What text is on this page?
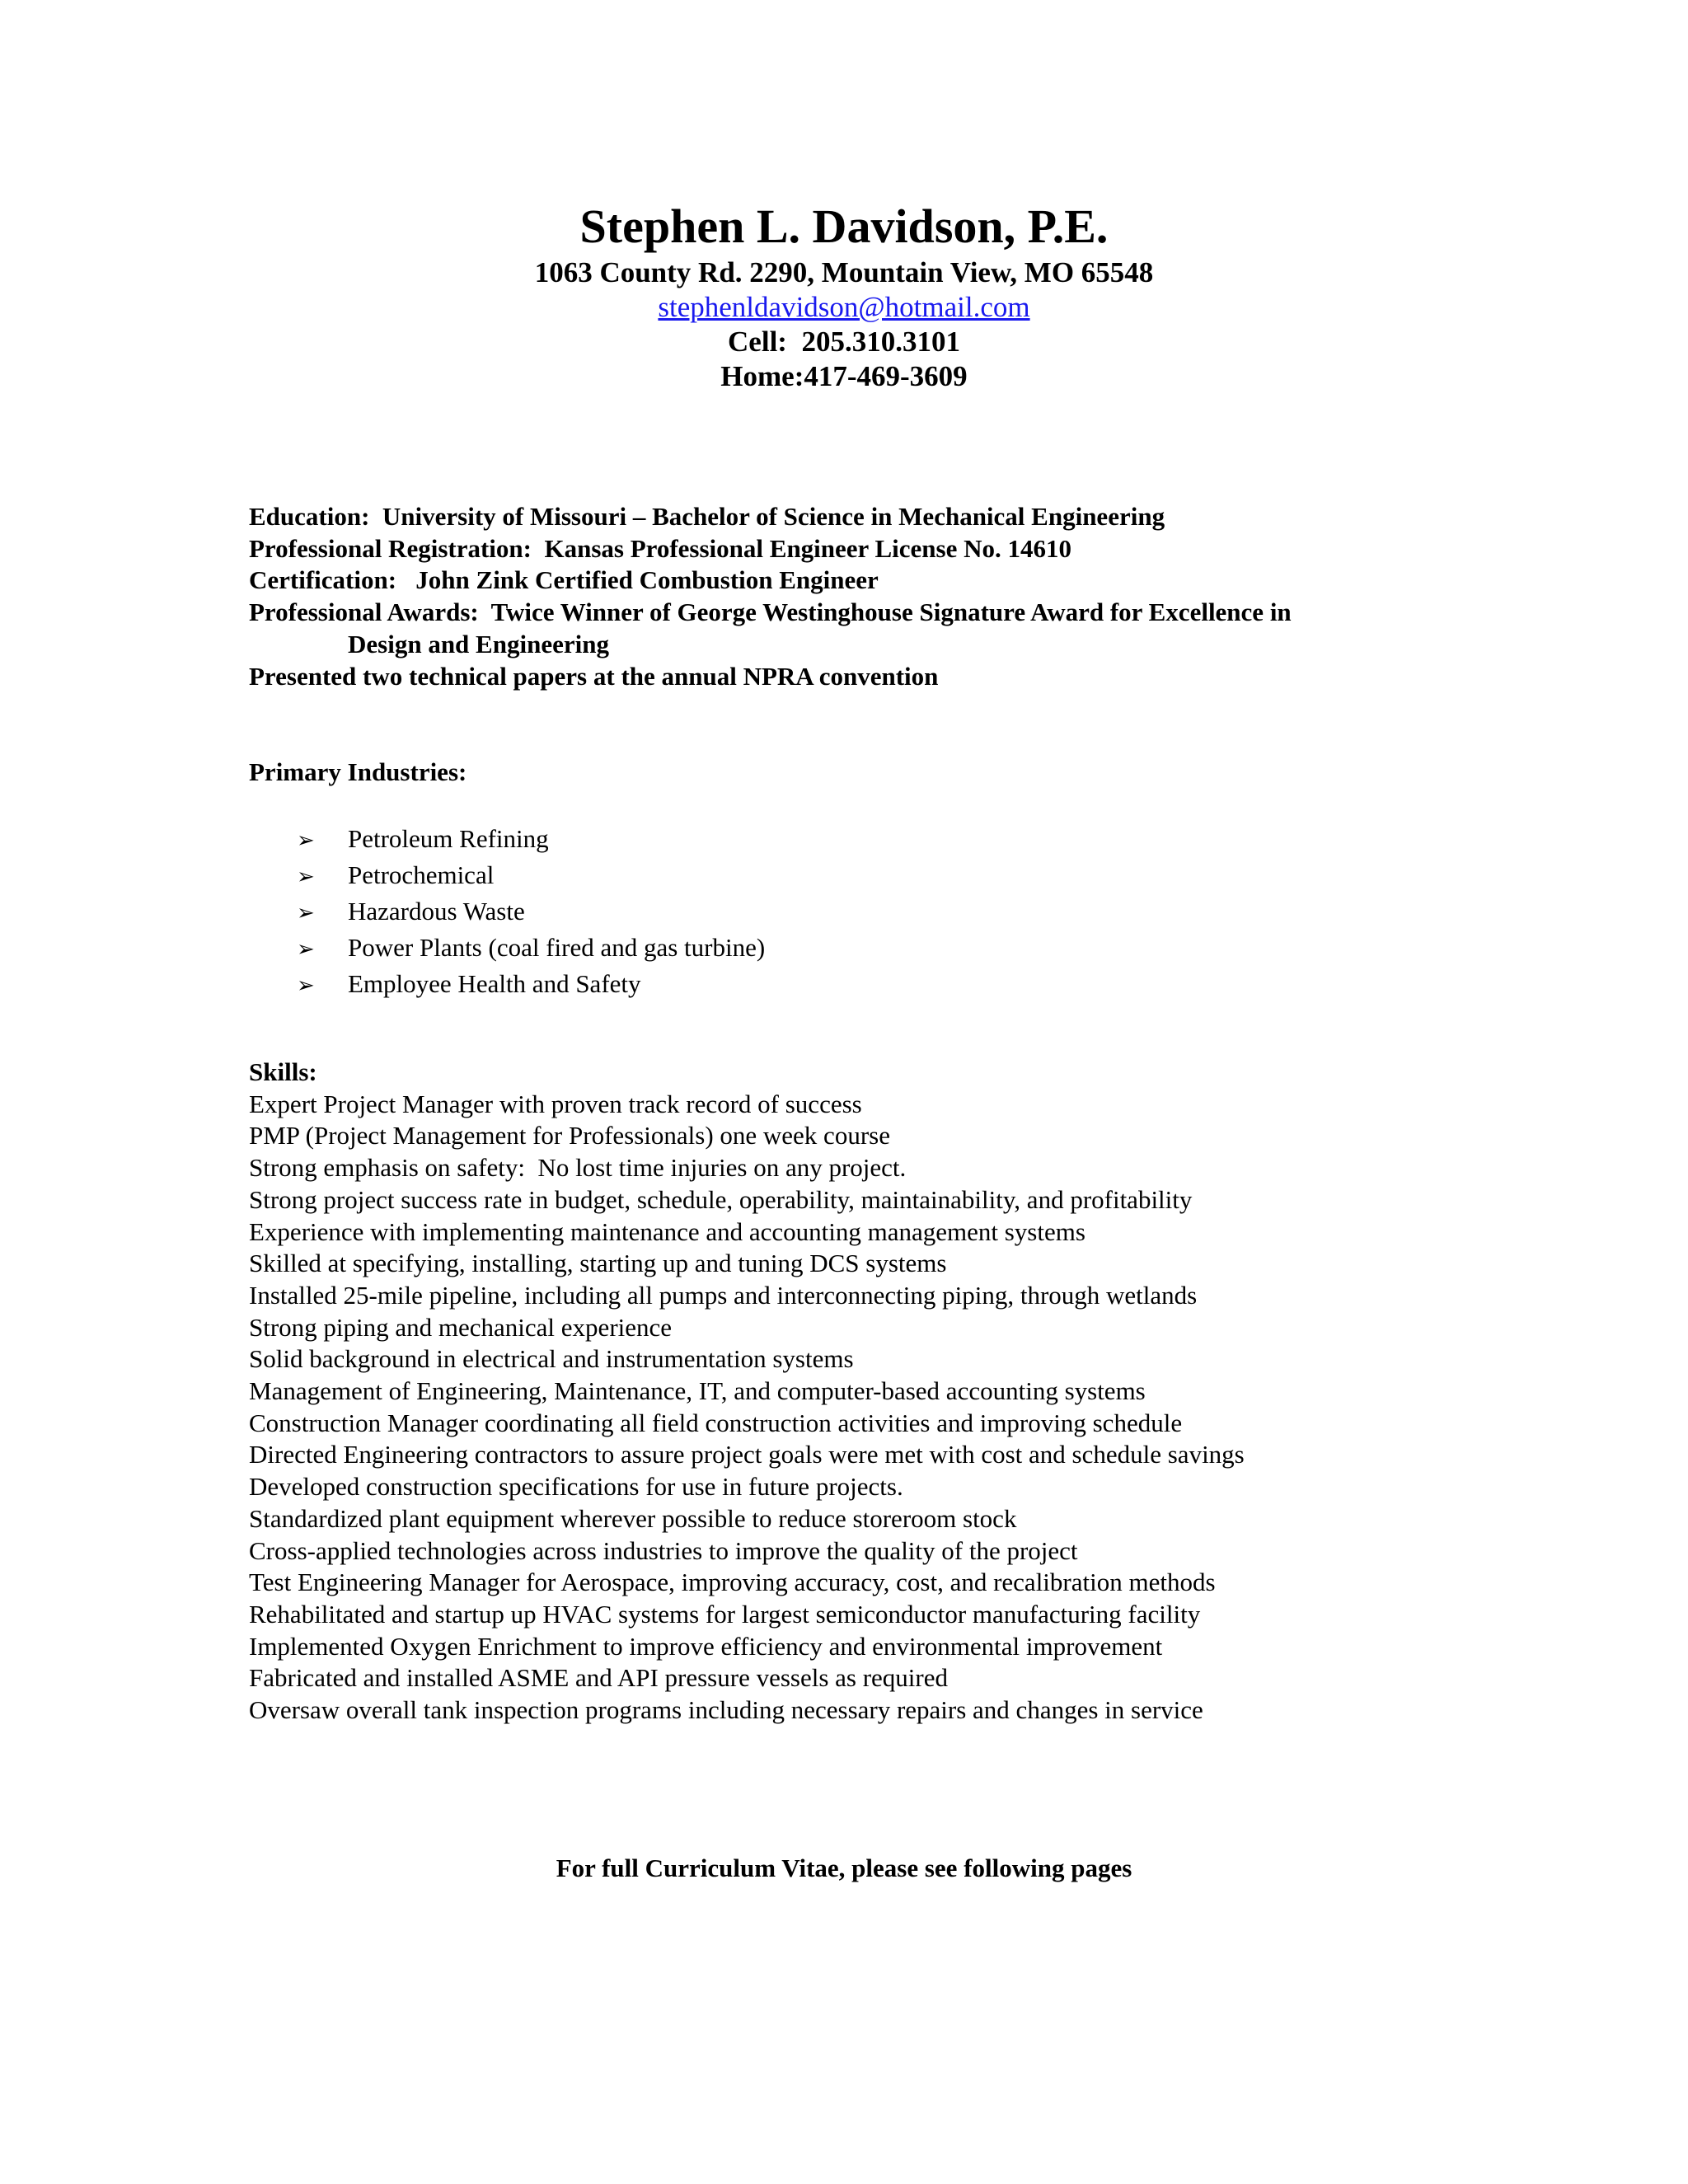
Stephen L. Davidson, P.E.
1063 County Rd. 2290, Mountain View, MO 65548
stephenldavidson@hotmail.com
Cell:  205.310.3101
Home:417-469-3609
Education:  University of Missouri – Bachelor of Science in Mechanical Engineering
Professional Registration:  Kansas Professional Engineer License No. 14610
Certification:   John Zink Certified Combustion Engineer
Professional Awards:  Twice Winner of George Westinghouse Signature Award for Excellence in
Design and Engineering
Presented two technical papers at the annual NPRA convention
Primary Industries:
➢	Petroleum Refining
➢	Petrochemical
➢	Hazardous Waste
➢	Power Plants (coal fired and gas turbine)
➢	Employee Health and Safety
Skills:
Expert Project Manager with proven track record of success
PMP (Project Management for Professionals) one week course
Strong emphasis on safety:  No lost time injuries on any project.
Strong project success rate in budget, schedule, operability, maintainability, and profitability
Experience with implementing maintenance and accounting management systems
Skilled at specifying, installing, starting up and tuning DCS systems
Installed 25-mile pipeline, including all pumps and interconnecting piping, through wetlands
Strong piping and mechanical experience
Solid background in electrical and instrumentation systems
Management of Engineering, Maintenance, IT, and computer-based accounting systems
Construction Manager coordinating all field construction activities and improving schedule
Directed Engineering contractors to assure project goals were met with cost and schedule savings
Developed construction specifications for use in future projects.
Standardized plant equipment wherever possible to reduce storeroom stock
Cross-applied technologies across industries to improve the quality of the project
Test Engineering Manager for Aerospace, improving accuracy, cost, and recalibration methods
Rehabilitated and startup up HVAC systems for largest semiconductor manufacturing facility
Implemented Oxygen Enrichment to improve efficiency and environmental improvement
Fabricated and installed ASME and API pressure vessels as required
Oversaw overall tank inspection programs including necessary repairs and changes in service
For full Curriculum Vitae, please see following pages
